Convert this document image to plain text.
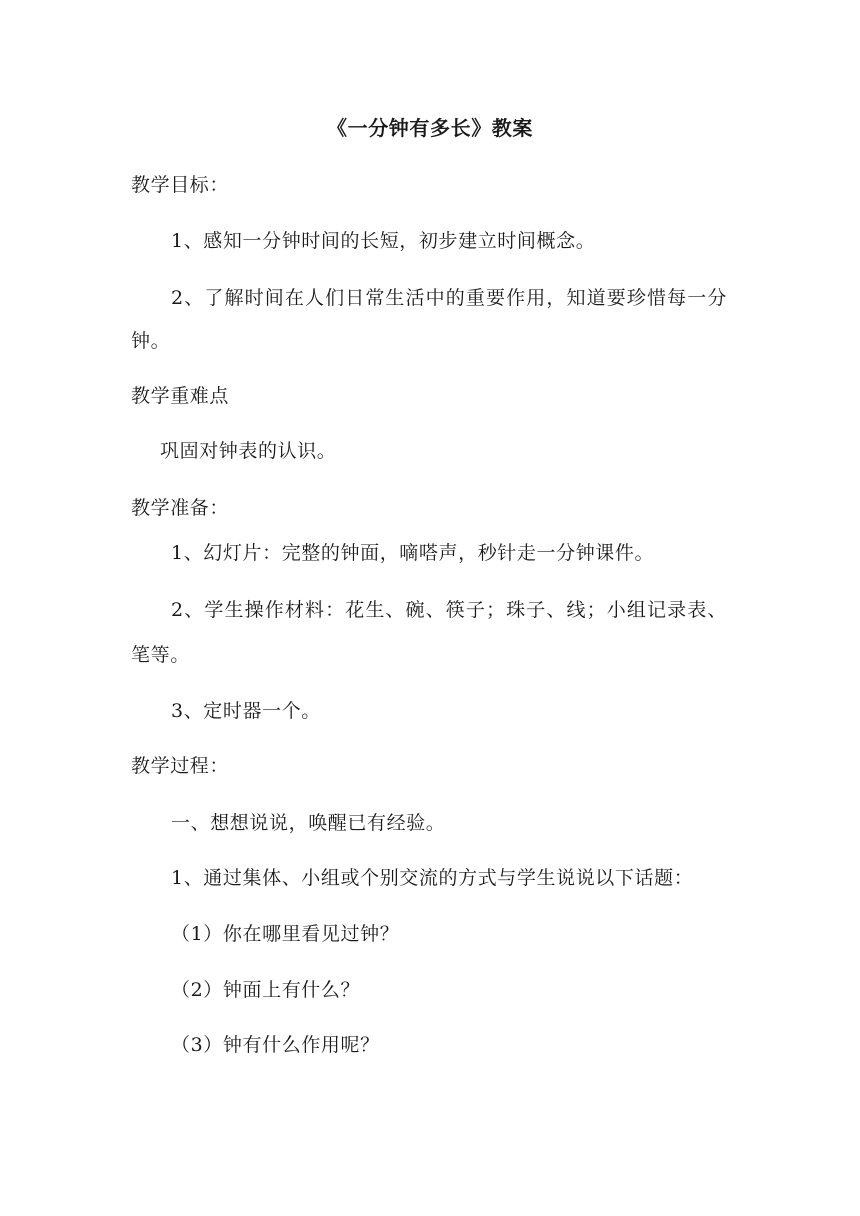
《一分钟有多长》教案
教学目标：
1、感知一分钟时间的长短，初步建立时间概念。
2、了解时间在人们日常生活中的重要作用，知道要珍惜每一分
钟。
教学重难点
巩固对钟表的认识。
教学准备：
1、幻灯片：完整的钟面，嘀嗒声，秒针走一分钟课件。
2、学生操作材料：花生、碗、筷子；珠子、线；小组记录表、
笔等。
3、定时器一个。
教学过程：
一、想想说说，唤醒已有经验。
1、通过集体、小组或个别交流的方式与学生说说以下话题：
（1）你在哪里看见过钟？
（2）钟面上有什么？
（3）钟有什么作用呢？
